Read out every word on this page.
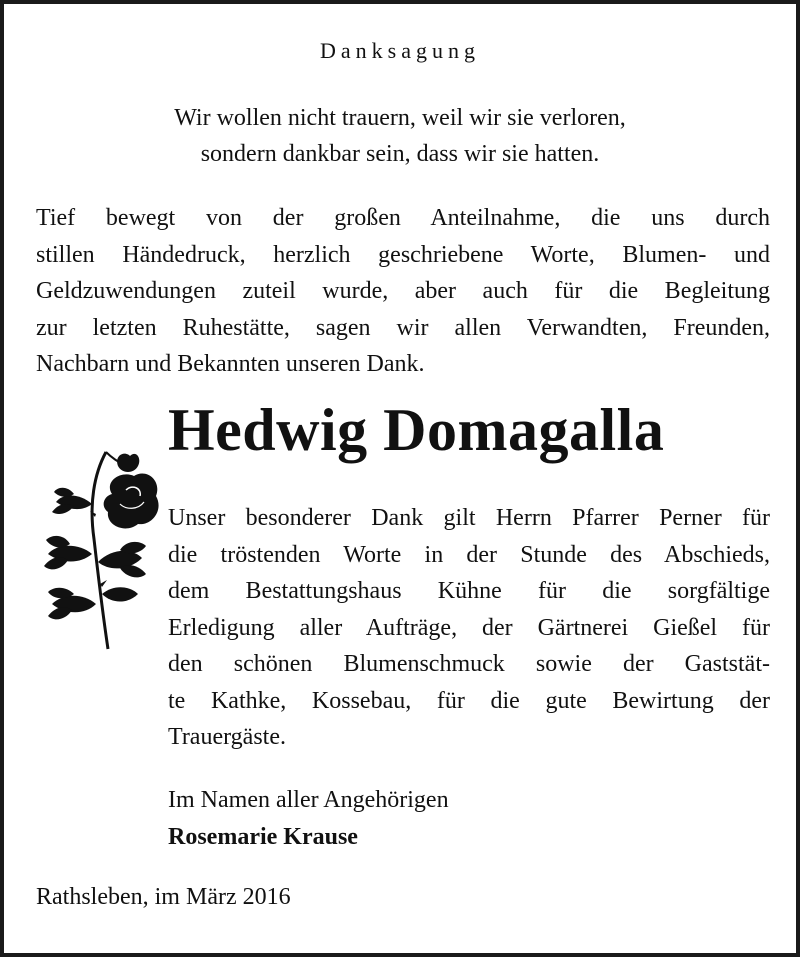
Danksagung
Wir wollen nicht trauern, weil wir sie verloren,
sondern dankbar sein, dass wir sie hatten.
Tief bewegt von der großen Anteilnahme, die uns durch
stillen Händedruck, herzlich geschriebene Worte, Blumen- und
Geldzuwendungen zuteil wurde, aber auch für die Begleitung
zur letzten Ruhestätte, sagen wir allen Verwandten, Freunden,
Nachbarn und Bekannten unseren Dank.
Hedwig Domagalla
Unser besonderer Dank gilt Herrn Pfarrer Perner für
die tröstenden Worte in der Stunde des Abschieds,
dem Bestattungshaus Kühne für die sorgfältige
Erledigung aller Aufträge, der Gärtnerei Gießel für
den schönen Blumenschmuck sowie der Gaststät-
te Kathke, Kossebau, für die gute Bewirtung der
Trauergäste.
Im Namen aller Angehörigen
Rosemarie Krause
Rathsleben, im März 2016
